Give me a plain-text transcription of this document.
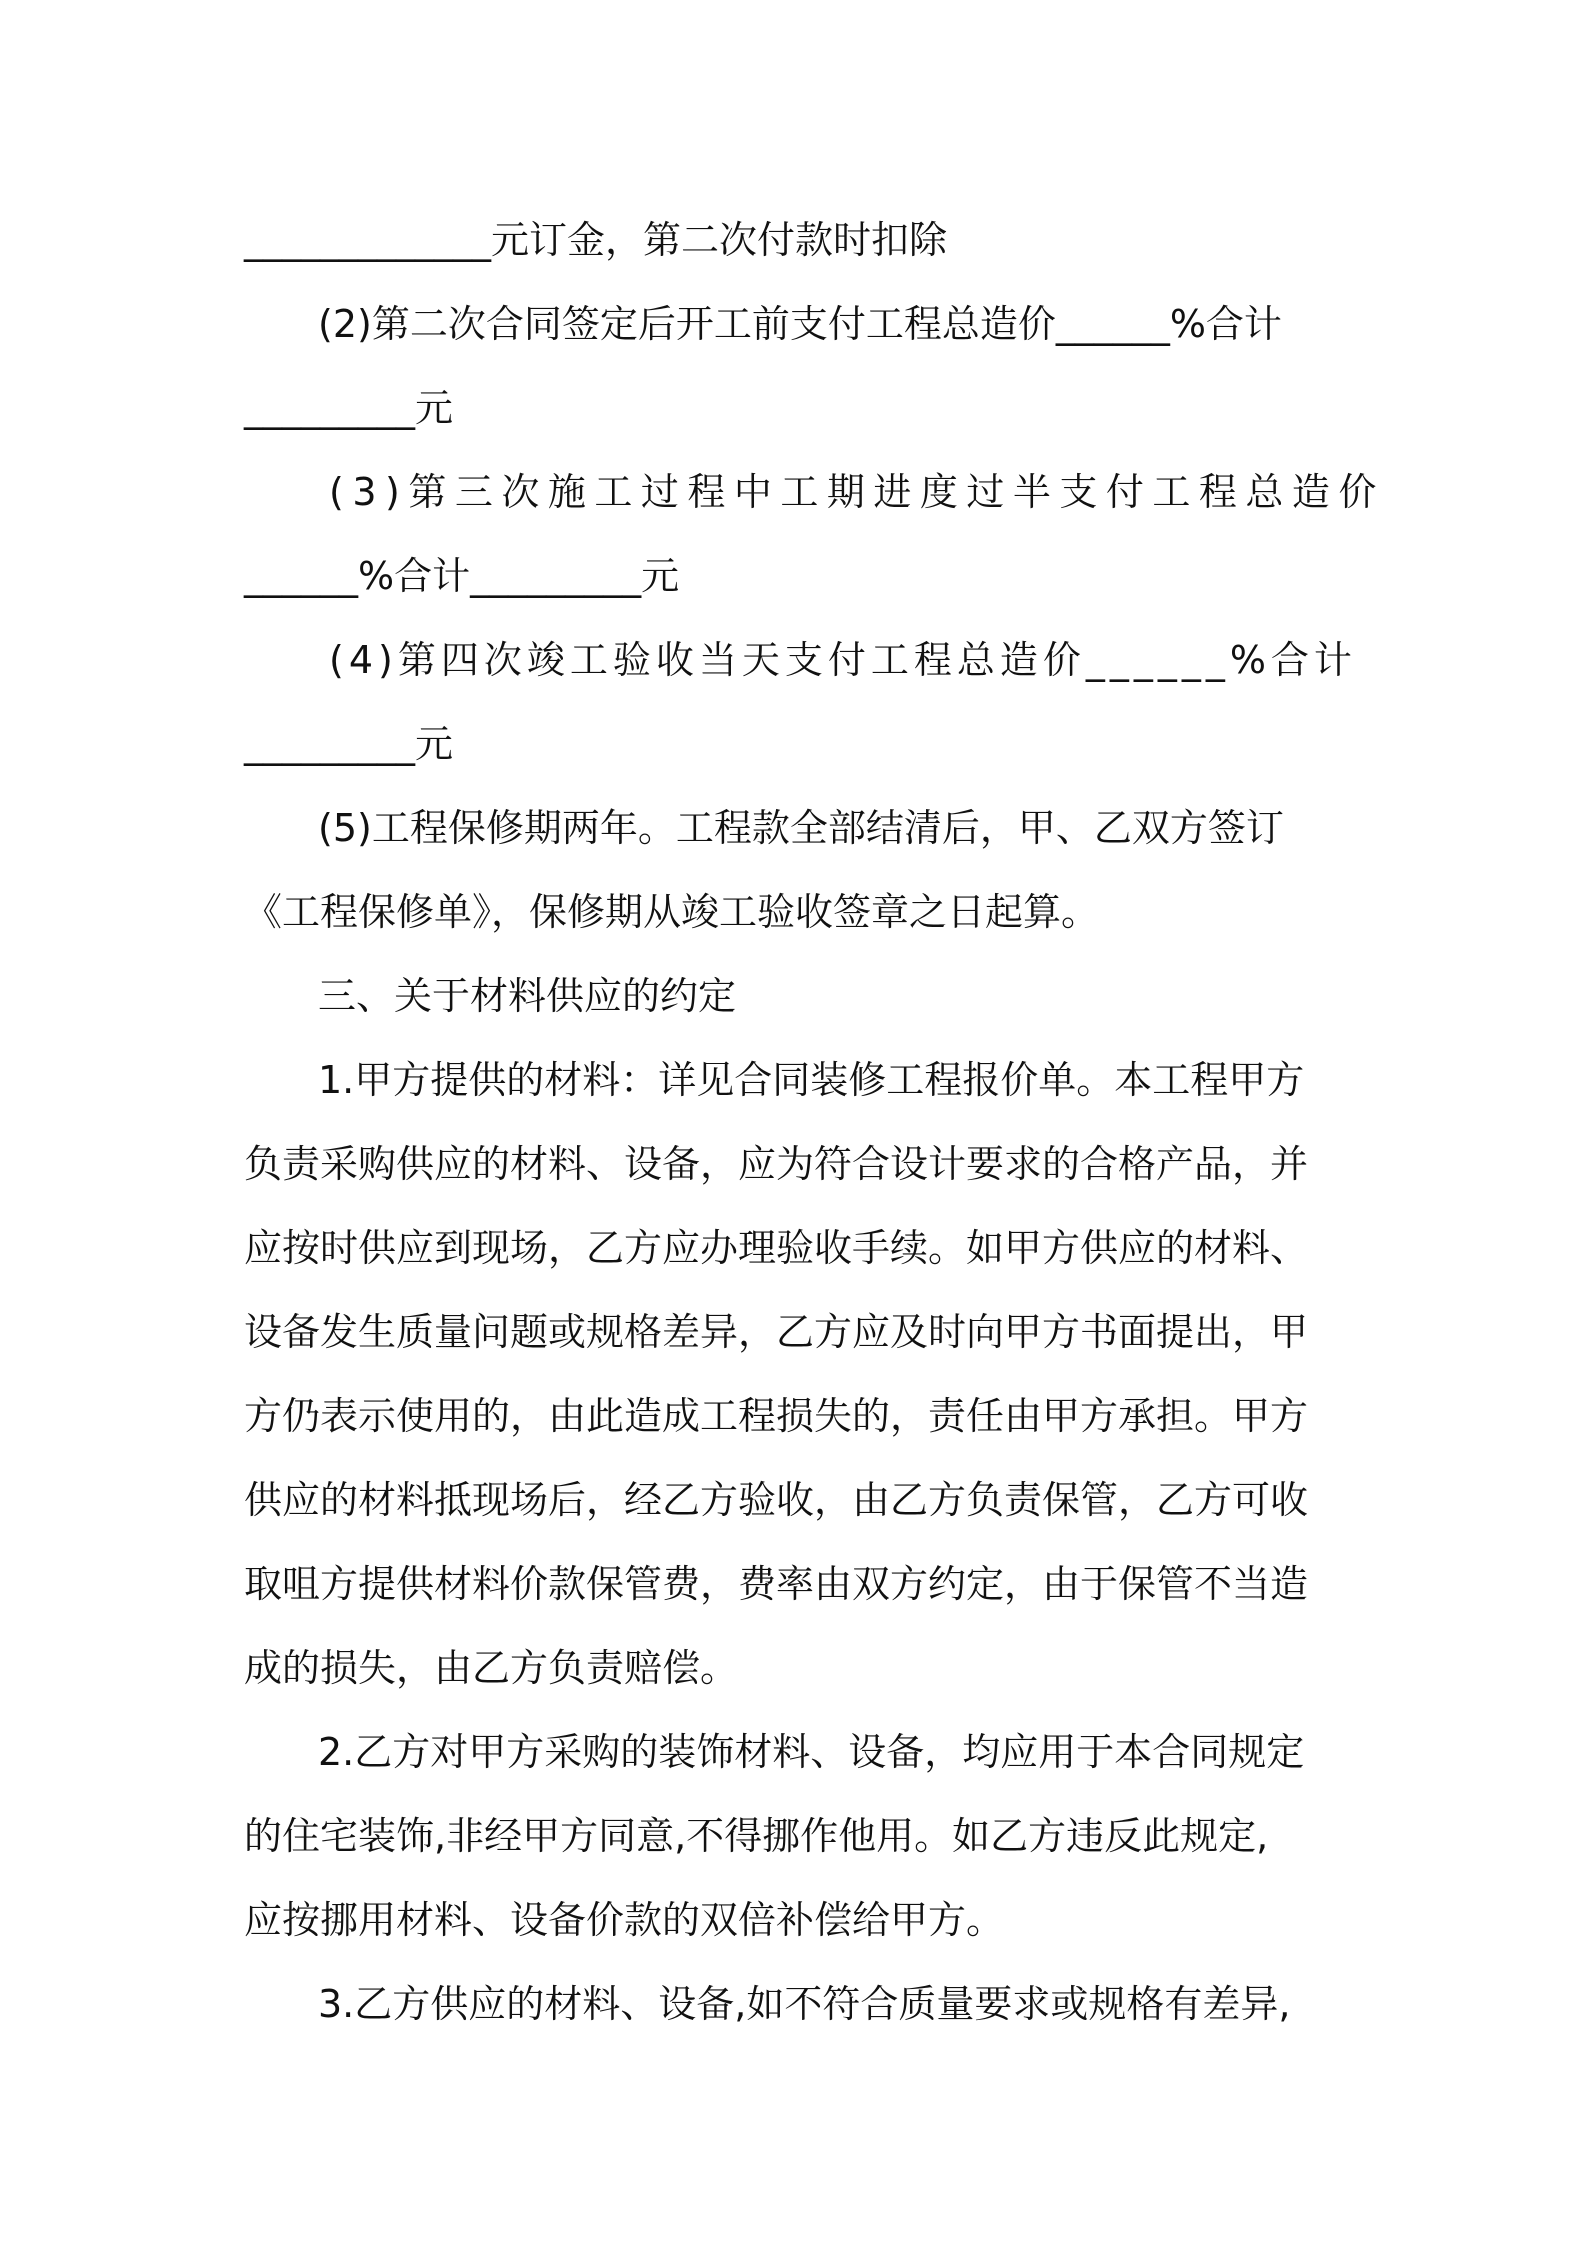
_____________元订金，第二次付款时扣除
(2)第二次合同签定后开工前支付工程总造价______%合计
_________元
(3)第三次施工过程中工期进度过半支付工程总造价
______%合计_________元
(4)第四次竣工验收当天支付工程总造价______%合计
_________元
(5)工程保修期两年。工程款全部结清后，甲、乙双方签订
《工程保修单》，保修期从竣工验收签章之日起算。
三、关于材料供应的约定
1.甲方提供的材料：详见合同装修工程报价单。本工程甲方
负责采购供应的材料、设备，应为符合设计要求的合格产品，并
应按时供应到现场，乙方应办理验收手续。如甲方供应的材料、
设备发生质量问题或规格差异，乙方应及时向甲方书面提出，甲
方仍表示使用的，由此造成工程损失的，责任由甲方承担。甲方
供应的材料抵现场后，经乙方验收，由乙方负责保管，乙方可收
取咀方提供材料价款保管费，费率由双方约定，由于保管不当造
成的损失，由乙方负责赔偿。
2.乙方对甲方采购的装饰材料、设备，均应用于本合同规定
的住宅装饰,非经甲方同意,不得挪作他用。如乙方违反此规定,
应按挪用材料、设备价款的双倍补偿给甲方。
3.乙方供应的材料、设备,如不符合质量要求或规格有差异,
